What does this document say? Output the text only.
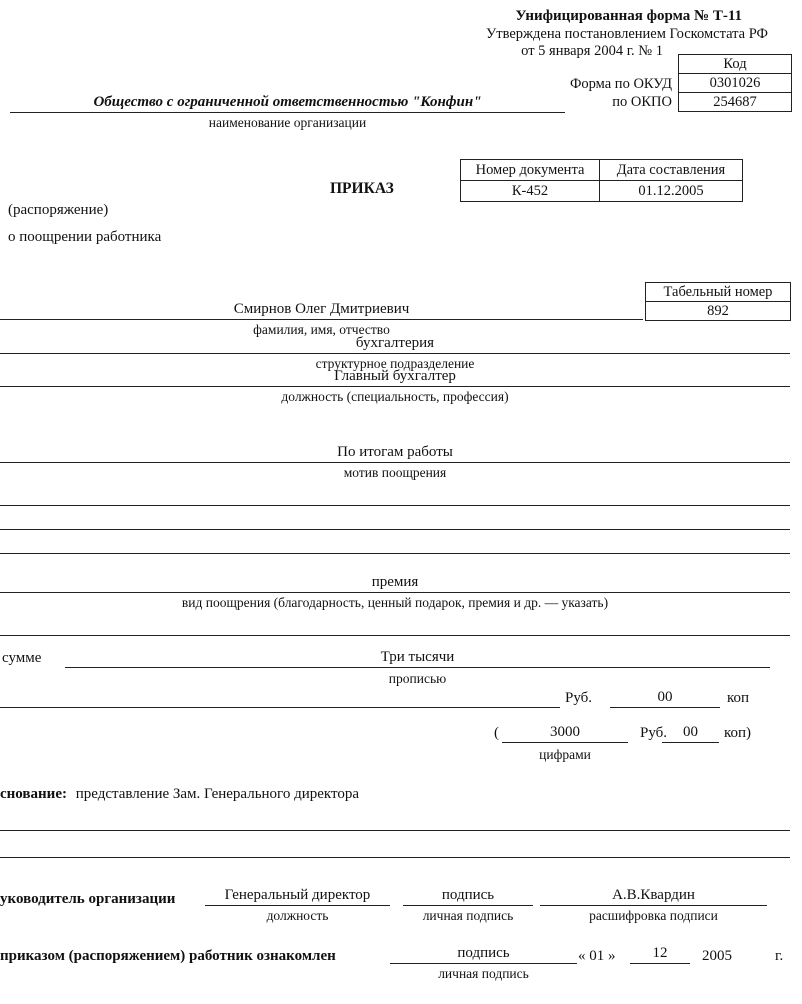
Унифицированная форма № Т-11
Утверждена постановлением Госкомстата РФ
от 5 января 2004 г. № 1
Код
0301026
254687
Форма по ОКУД
по ОКПО
Общество с ограниченной ответственностью "Конфин"
наименование организации
ПРИКАЗ
Номер документа	Дата составления
К-452	01.12.2005
(распоряжение)
о поощрении работника
Табельный номер
892
Смирнов Олег Дмитриевич
фамилия, имя, отчество
бухгалтерия
структурное подразделение
Главный бухгалтер
должность (специальность, профессия)
По итогам работы
мотив поощрения
премия
вид поощрения (благодарность, ценный подарок, премия и др. — указать)
сумме	Три тысячи
прописью
Руб.	00	коп
(	3000	Руб.	00	коп)
цифрами
снование: представление Зам. Генерального директора
уководитель организации	Генеральный директор
должность
подпись
личная подпись
А.В.Квардин
расшифровка подписи
приказом (распоряжением) работник ознакомлен	подпись
личная подпись
« 01 »	12	2005	г.
